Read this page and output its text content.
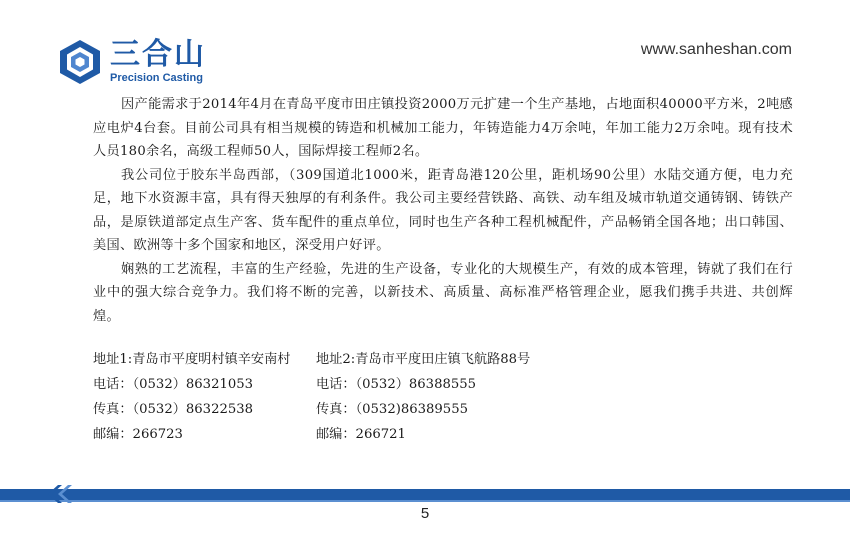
三合山
Precision Casting
www.sanheshan.com

因产能需求于2014年4月在青岛平度市田庄镇投资2000万元扩建一个生产基地，占地面积40000平方米，2吨感应电炉4台套。目前公司具有相当规模的铸造和机械加工能力，年铸造能力4万余吨，年加工能力2万余吨。现有技术人员180余名，高级工程师50人，国际焊接工程师2名。

我公司位于胶东半岛西部，（309国道北1000米，距青岛港120公里，距机场90公里）水陆交通方便，电力充足，地下水资源丰富，具有得天独厚的有利条件。我公司主要经营铁路、高铁、动车组及城市轨道交通铸钢、铸铁产品，是原铁道部定点生产客、货车配件的重点单位，同时也生产各种工程机械配件，产品畅销全国各地；出口韩国、美国、欧洲等十多个国家和地区，深受用户好评。

娴熟的工艺流程，丰富的生产经验，先进的生产设备，专业化的大规模生产，有效的成本管理，铸就了我们在行业中的强大综合竞争力。我们将不断的完善，以新技术、高质量、高标准严格管理企业，愿我们携手共进、共创辉煌。

地址1:青岛市平度明村镇辛安南村 地址2:青岛市平度田庄镇飞航路88号
电话：（0532）86321053	电话：（0532）86388555
传真：（0532）86322538	传真：（0532)86389555
邮编：266723	邮编：266721
5
